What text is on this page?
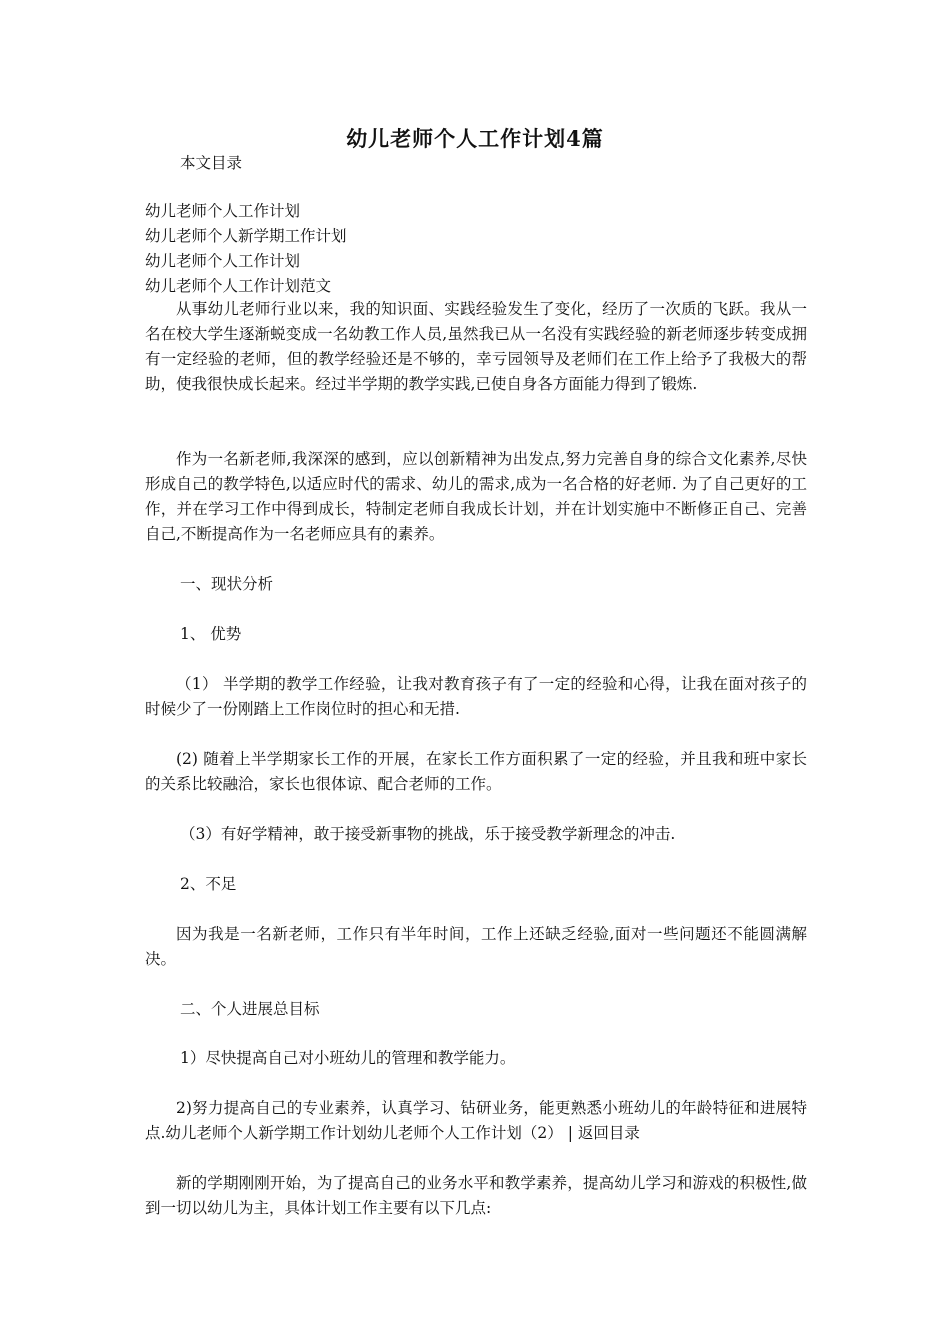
幼儿老师个人工作计划4篇
本文目录
幼儿老师个人工作计划
幼儿老师个人新学期工作计划
幼儿老师个人工作计划
幼儿老师个人工作计划范文

从事幼儿老师行业以来，我的知识面、实践经验发生了变化，经历了一次质的飞跃。我从一名在校大学生逐渐蜕变成一名幼教工作人员,虽然我已从一名没有实践经验的新老师逐步转变成拥有一定经验的老师，但的教学经验还是不够的，幸亏园领导及老师们在工作上给予了我极大的帮助，使我很快成长起来。经过半学期的教学实践,已使自身各方面能力得到了锻炼.

作为一名新老师,我深深的感到，应以创新精神为出发点,努力完善自身的综合文化素养,尽快形成自己的教学特色,以适应时代的需求、幼儿的需求,成为一名合格的好老师. 为了自己更好的工作，并在学习工作中得到成长，特制定老师自我成长计划，并在计划实施中不断修正自己、完善自己,不断提高作为一名老师应具有的素养。

一、现状分析
1、 优势

（1） 半学期的教学工作经验，让我对教育孩子有了一定的经验和心得，让我在面对孩子的时候少了一份刚踏上工作岗位时的担心和无措.

(2) 随着上半学期家长工作的开展，在家长工作方面积累了一定的经验，并且我和班中家长的关系比较融洽，家长也很体谅、配合老师的工作。

（3）有好学精神，敢于接受新事物的挑战，乐于接受教学新理念的冲击.
2、不足

因为我是一名新老师，工作只有半年时间，工作上还缺乏经验,面对一些问题还不能圆满解决。

二、个人进展总目标
1）尽快提高自己对小班幼儿的管理和教学能力。

2)努力提高自己的专业素养，认真学习、钻研业务，能更熟悉小班幼儿的年龄特征和进展特点.幼儿老师个人新学期工作计划幼儿老师个人工作计划（2） | 返回目录

新的学期刚刚开始，为了提高自己的业务水平和教学素养，提高幼儿学习和游戏的积极性,做到一切以幼儿为主，具体计划工作主要有以下几点:
